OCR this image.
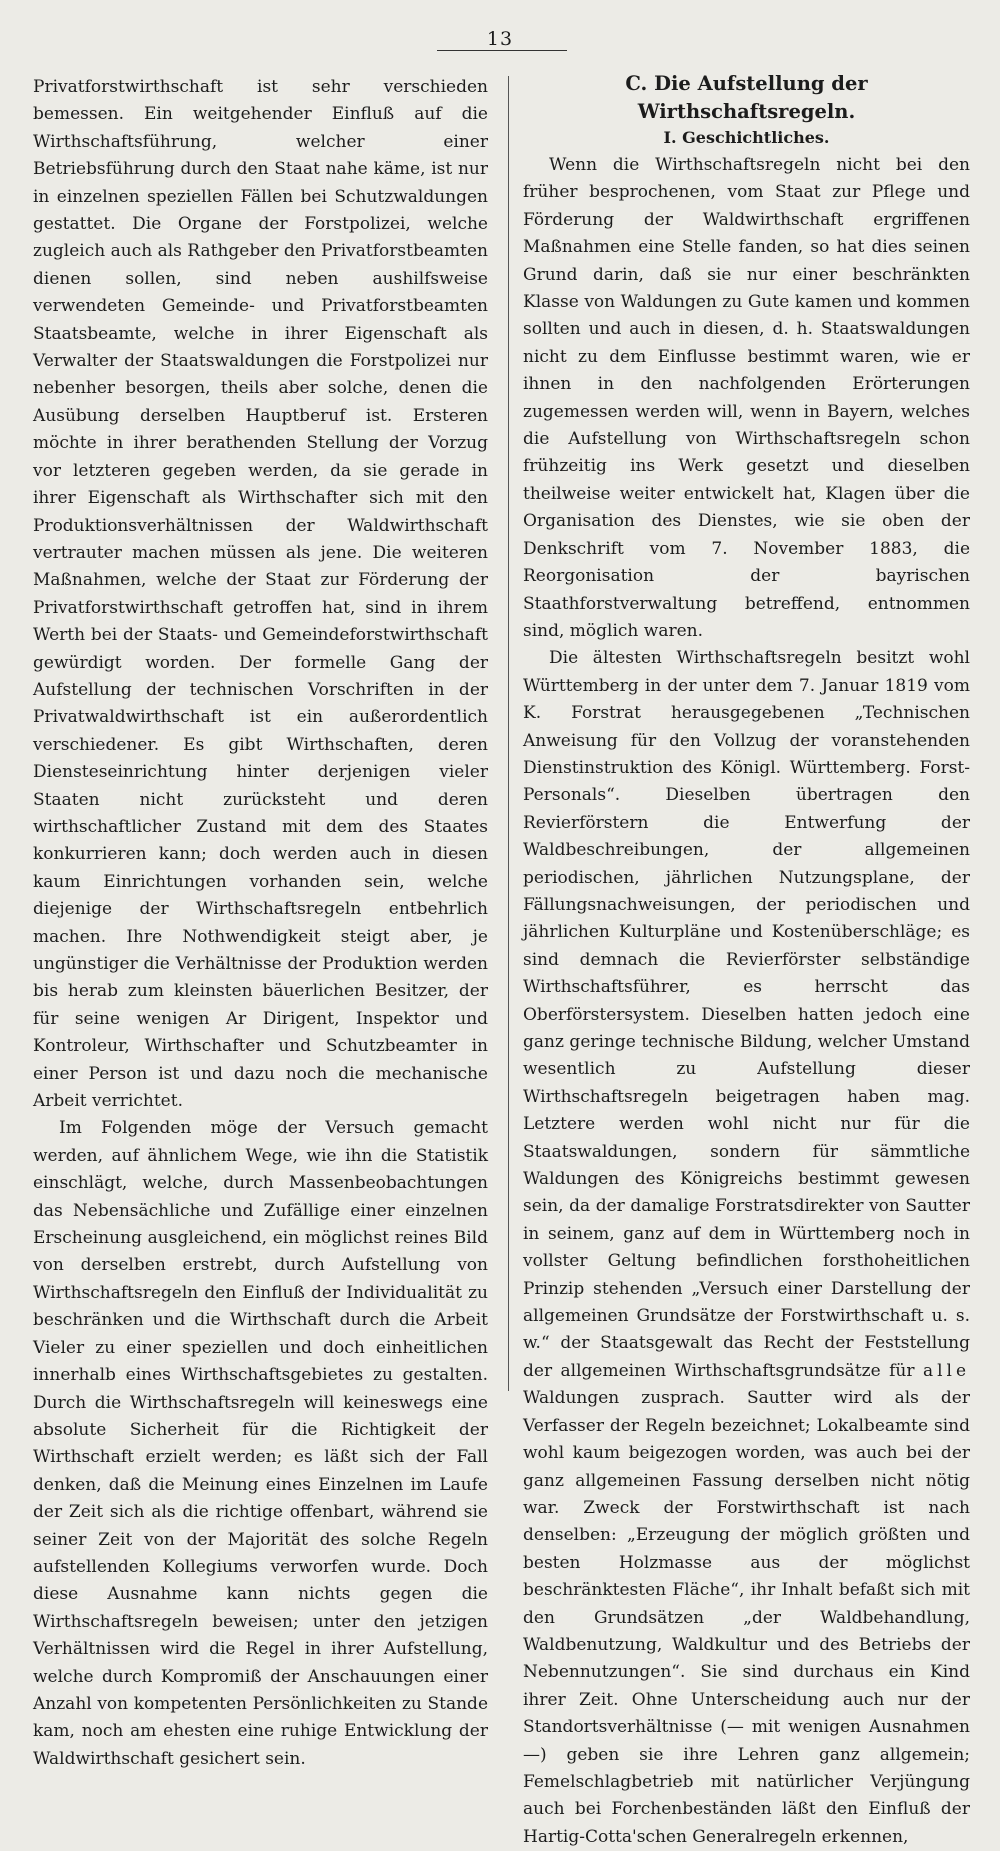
13

Privatforstwirthschaft ist sehr verschieden bemessen. Ein weitgehender Einfluß auf die Wirthschaftsführung, welcher einer Betriebsführung durch den Staat nahe käme, ist nur in einzelnen speziellen Fällen bei Schutzwaldungen gestattet. Die Organe der Forstpolizei, welche zugleich auch als Rathgeber den Privatforstbeamten dienen sollen, sind neben aushilfsweise verwendeten Gemeinde- und Privatforstbeamten Staatsbeamte, welche in ihrer Eigenschaft als Verwalter der Staatswaldungen die Forstpolizei nur nebenher besorgen, theils aber solche, denen die Ausübung derselben Hauptberuf ist. Ersteren möchte in ihrer berathenden Stellung der Vorzug vor letzteren gegeben werden, da sie gerade in ihrer Eigenschaft als Wirthschafter sich mit den Produktionsverhältnissen der Waldwirthschaft vertrauter machen müssen als jene. Die weiteren Maßnahmen, welche der Staat zur Förderung der Privatforstwirthschaft getroffen hat, sind in ihrem Werth bei der Staats- und Gemeindeforstwirthschaft gewürdigt worden. Der formelle Gang der Aufstellung der technischen Vorschriften in der Privatwaldwirthschaft ist ein außerordentlich verschiedener. Es gibt Wirthschaften, deren Diensteseinrichtung hinter derjenigen vieler Staaten nicht zurücksteht und deren wirthschaftlicher Zustand mit dem des Staates konkurrieren kann; doch werden auch in diesen kaum Einrichtungen vorhanden sein, welche diejenige der Wirthschaftsregeln entbehrlich machen. Ihre Nothwendigkeit steigt aber, je ungünstiger die Verhältnisse der Produktion werden bis herab zum kleinsten bäuerlichen Besitzer, der für seine wenigen Ar Dirigent, Inspektor und Kontroleur, Wirthschafter und Schutzbeamter in einer Person ist und dazu noch die mechanische Arbeit verrichtet.

Im Folgenden möge der Versuch gemacht werden, auf ähnlichem Wege, wie ihn die Statistik einschlägt, welche, durch Massenbeobachtungen das Nebensächliche und Zufällige einer einzelnen Erscheinung ausgleichend, ein möglichst reines Bild von derselben erstrebt, durch Aufstellung von Wirthschaftsregeln den Einfluß der Individualität zu beschränken und die Wirthschaft durch die Arbeit Vieler zu einer speziellen und doch einheitlichen innerhalb eines Wirthschaftsgebietes zu gestalten. Durch die Wirthschaftsregeln will keineswegs eine absolute Sicherheit für die Richtigkeit der Wirthschaft erzielt werden; es läßt sich der Fall denken, daß die Meinung eines Einzelnen im Laufe der Zeit sich als die richtige offenbart, während sie seiner Zeit von der Majorität des solche Regeln aufstellenden Kollegiums verworfen wurde. Doch diese Ausnahme kann nichts gegen die Wirthschaftsregeln beweisen; unter den jetzigen Verhältnissen wird die Regel in ihrer Aufstellung, welche durch Kompromiß der Anschauungen einer Anzahl von kompetenten Persönlichkeiten zu Stande kam, noch am ehesten eine ruhige Entwicklung der Waldwirthschaft gesichert sein.

C. Die Aufstellung der Wirthschaftsregeln.
I. Geschichtliches.

Wenn die Wirthschaftsregeln nicht bei den früher besprochenen, vom Staat zur Pflege und Förderung der Waldwirthschaft ergriffenen Maßnahmen eine Stelle fanden, so hat dies seinen Grund darin, daß sie nur einer beschränkten Klasse von Waldungen zu Gute kamen und kommen sollten und auch in diesen, d. h. Staatswaldungen nicht zu dem Einflusse bestimmt waren, wie er ihnen in den nachfolgenden Erörterungen zugemessen werden will, wenn in Bayern, welches die Aufstellung von Wirthschaftsregeln schon frühzeitig ins Werk gesetzt und dieselben theilweise weiter entwickelt hat, Klagen über die Organisation des Dienstes, wie sie oben der Denkschrift vom 7. November 1883, die Reorgonisation der bayrischen Staathforstverwaltung betreffend, entnommen sind, möglich waren.

Die ältesten Wirthschaftsregeln besitzt wohl Württemberg in der unter dem 7. Januar 1819 vom K. Forstrat herausgegebenen „Technischen Anweisung für den Vollzug der voranstehenden Dienstinstruktion des Königl. Württemberg. Forst-Personals“. Dieselben übertragen den Revierförstern die Entwerfung der Waldbeschreibungen, der allgemeinen periodischen, jährlichen Nutzungsplane, der Fällungsnachweisungen, der periodischen und jährlichen Kulturpläne und Kostenüberschläge; es sind demnach die Revierförster selbständige Wirthschaftsführer, es herrscht das Oberförstersystem. Dieselben hatten jedoch eine ganz geringe technische Bildung, welcher Umstand wesentlich zu Aufstellung dieser Wirthschaftsregeln beigetragen haben mag. Letztere werden wohl nicht nur für die Staatswaldungen, sondern für sämmtliche Waldungen des Königreichs bestimmt gewesen sein, da der damalige Forstratsdirekter von Sautter in seinem, ganz auf dem in Württemberg noch in vollster Geltung befindlichen forsthoheitlichen Prinzip stehenden „Versuch einer Darstellung der allgemeinen Grundsätze der Forstwirthschaft u. s. w.“ der Staatsgewalt das Recht der Feststellung der allgemeinen Wirthschaftsgrundsätze für alle Waldungen zusprach. Sautter wird als der Verfasser der Regeln bezeichnet; Lokalbeamte sind wohl kaum beigezogen worden, was auch bei der ganz allgemeinen Fassung derselben nicht nötig war. Zweck der Forstwirthschaft ist nach denselben: „Erzeugung der möglich größten und besten Holzmasse aus der möglichst beschränktesten Fläche“, ihr Inhalt befaßt sich mit den Grundsätzen „der Waldbehandlung, Waldbenutzung, Waldkultur und des Betriebs der Nebennutzungen“. Sie sind durchaus ein Kind ihrer Zeit. Ohne Unterscheidung auch nur der Standortsverhältnisse (— mit wenigen Ausnahmen —) geben sie ihre Lehren ganz allgemein; Femelschlagbetrieb mit natürlicher Verjüngung auch bei Forchenbeständen läßt den Einfluß der Hartig-Cotta'schen Generalregeln erkennen,
